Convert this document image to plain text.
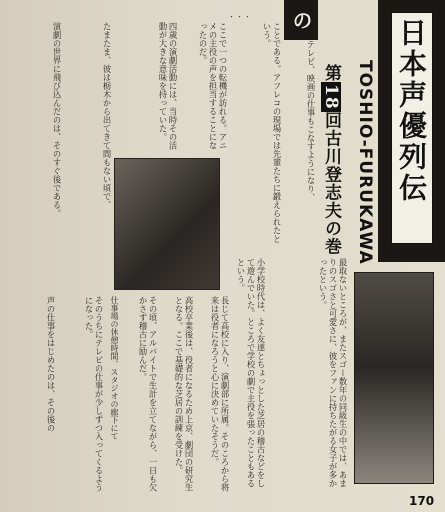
日本声優列伝
の
TOSHIO-FURUKAWA
第18回古川登志夫の巻
・・・
最取ないところが、またスゴー数年の同級生の中では、あまりのスゴさと可愛さに、彼をファンに持ちたがる女子が多かったという。
小学校時代は、よく友達とちょっとした芝居の稽古などをして遊んでいた。ところで学校の劇で主役を張ったこともあるという。
長じて高校に入り、演劇部に所属。そのころから将来は役者になろうと心に決めていたそうだ。
高校卒業後は、役者になるため上京、劇団の研究生となる。ここで基礎的な芝居の訓練を受けた。
その頃、アルバイトで生計を立てながら、一日も欠かさず稽古に励んだ。
そのうちにテレビの仕事が少しずつ入ってくるようになった。
声の仕事をはじめたのは、その後の
ことである。アフレコの現場では先輩たちに鍛えられたという。
ここで一つの転機が訪れる。アニメの主役の声を担当することになったのだ。
四歳の演劇活動には、当時その活動が大きな意味を持っていた。
たまたま、彼は栃木から出てきて間もない頃で、
演劇の世界に飛び込んだのは、そのすぐ後である。	テレビ、映画の仕事もこなすようになり、
仕事場の休憩時間、スタジオの廊下にて
170
